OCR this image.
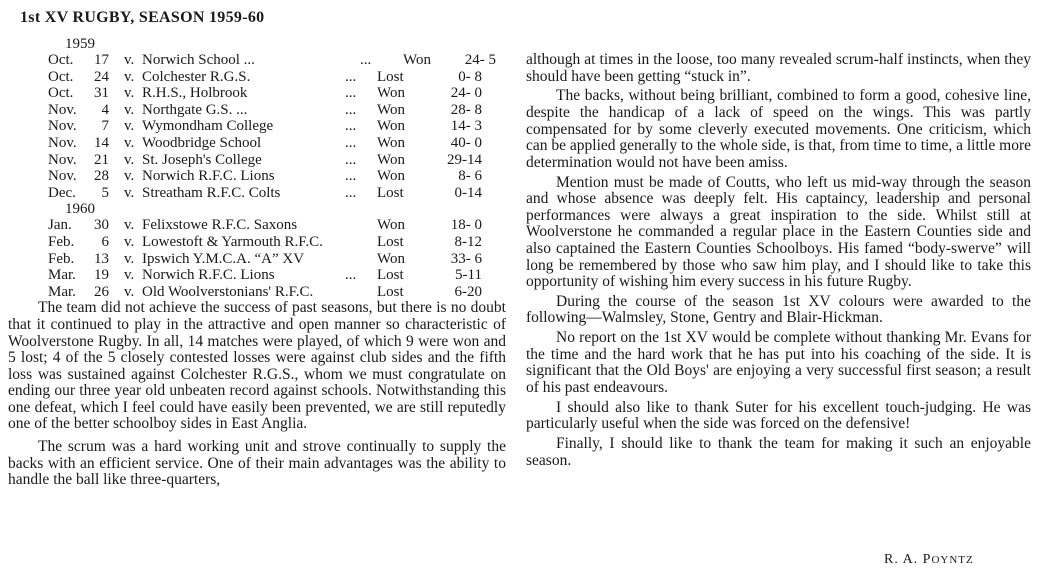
1st XV RUGBY, SEASON 1959-60
1959
Oct.	17 v. Norwich School ...	... Won	24- 5
Oct.	24 v. Colchester R.G.S.	... Lost	0- 8
Oct.	31 v. R.H.S., Holbrook	... Won	24- 0
Nov.	4 v. Northgate G.S. ...	... Won	28- 8
Nov.	7 v. Wymondham College	... Won	14- 3
Nov.	14 v. Woodbridge School	... Won	40- 0
Nov.	21 v. St. Joseph's College	... Won	29-14
Nov.	28 v. Norwich R.F.C. Lions	... Won	8- 6
Dec.	5 v. Streatham R.F.C. Colts	... Lost	0-14
1960
Jan.	30 v. Felixstowe R.F.C. Saxons	Won	18- 0
Feb.	6 v. Lowestoft & Yarmouth R.F.C.	Lost	8-12
Feb.	13 v. Ipswich Y.M.C.A. “A” XV	Won	33- 6
Mar.	19 v. Norwich R.F.C. Lions	... Lost	5-11
Mar.	26 v. Old Woolverstonians' R.F.C.	Lost	6-20

The team did not achieve the success of past seasons, but there is no doubt that it continued to play in the attractive and open manner so characteristic of Woolverstone Rugby. In all, 14 matches were played, of which 9 were won and 5 lost; 4 of the 5 closely contested losses were against club sides and the fifth loss was sustained against Colchester R.G.S., whom we must congratulate on ending our three year old unbeaten record against schools. Notwithstanding this one defeat, which I feel could have easily been prevented, we are still reputedly one of the better schoolboy sides in East Anglia.

The scrum was a hard working unit and strove continually to supply the backs with an efficient service. One of their main advantages was the ability to handle the ball like three-quarters,

although at times in the loose, too many revealed scrum-half instincts, when they should have been getting “stuck in”.

The backs, without being brilliant, combined to form a good, cohesive line, despite the handicap of a lack of speed on the wings. This was partly compensated for by some cleverly executed movements. One criticism, which can be applied generally to the whole side, is that, from time to time, a little more determination would not have been amiss.

Mention must be made of Coutts, who left us mid-way through the season and whose absence was deeply felt. His captaincy, leadership and personal performances were always a great inspiration to the side. Whilst still at Woolverstone he commanded a regular place in the Eastern Counties side and also captained the Eastern Counties Schoolboys. His famed “body-swerve” will long be remembered by those who saw him play, and I should like to take this opportunity of wishing him every success in his future Rugby.

During the course of the season 1st XV colours were awarded to the following—Walmsley, Stone, Gentry and Blair-Hickman.

No report on the 1st XV would be complete without thanking Mr. Evans for the time and the hard work that he has put into his coaching of the side. It is significant that the Old Boys' are enjoying a very successful first season; a result of his past endeavours.

I should also like to thank Suter for his excellent touch-judging. He was particularly useful when the side was forced on the defensive!

Finally, I should like to thank the team for making it such an enjoyable season.

R. A. POYNTZ
